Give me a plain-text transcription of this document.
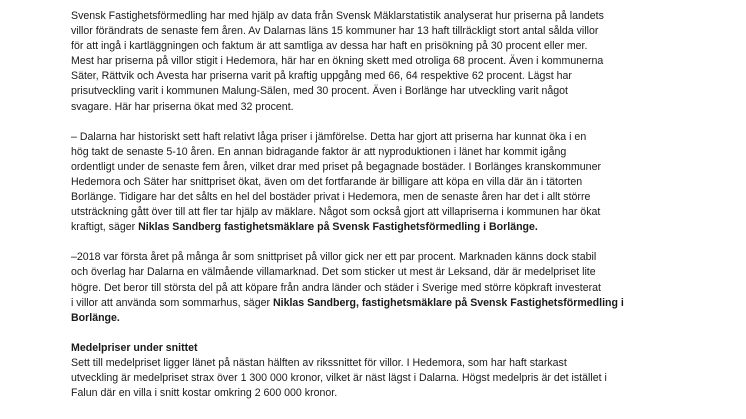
Svensk Fastighetsförmedling har med hjälp av data från Svensk Mäklarstatistik analyserat hur priserna på landets
villor förändrats de senaste fem åren. Av Dalarnas läns 15 kommuner har 13 haft tillräckligt stort antal sålda villor
för att ingå i kartläggningen och faktum är att samtliga av dessa har haft en prisökning på 30 procent eller mer.
Mest har priserna på villor stigit i Hedemora, här har en ökning skett med otroliga 68 procent. Även i kommunerna
Säter, Rättvik och Avesta har priserna varit på kraftig uppgång med 66, 64 respektive 62 procent. Lägst har
prisutveckling varit i kommunen Malung-Sälen, med 30 procent. Även i Borlänge har utveckling varit något
svagare. Här har priserna ökat med 32 procent.

– Dalarna har historiskt sett haft relativt låga priser i jämförelse. Detta har gjort att priserna har kunnat öka i en
hög takt de senaste 5-10 åren. En annan bidragande faktor är att nyproduktionen i länet har kommit igång
ordentligt under de senaste fem åren, vilket drar med priset på begagnade bostäder. I Borlänges kranskommuner
Hedemora och Säter har snittpriset ökat, även om det fortfarande är billigare att köpa en villa där än i tätorten
Borlänge. Tidigare har det sålts en hel del bostäder privat i Hedemora, men de senaste åren har det i allt större
utsträckning gått över till att fler tar hjälp av mäklare. Något som också gjort att villapriserna i kommunen har ökat
kraftigt, säger Niklas Sandberg fastighetsmäklare på Svensk Fastighetsförmedling i Borlänge.

–2018 var första året på många år som snittpriset på villor gick ner ett par procent. Marknaden känns dock stabil
och överlag har Dalarna en välmående villamarknad. Det som sticker ut mest är Leksand, där är medelpriset lite
högre. Det beror till största del på att köpare från andra länder och städer i Sverige med större köpkraft investerat
i villor att använda som sommarhus, säger Niklas Sandberg, fastighetsmäklare på Svensk Fastighetsförmedling i
Borlänge.

Medelpriser under snittet

Sett till medelpriset ligger länet på nästan hälften av rikssnittet för villor. I Hedemora, som har haft starkast
utveckling är medelpriset strax över 1 300 000 kronor, vilket är näst lägst i Dalarna. Högst medelpris är det istället i
Falun där en villa i snitt kostar omkring 2 600 000 kronor.
